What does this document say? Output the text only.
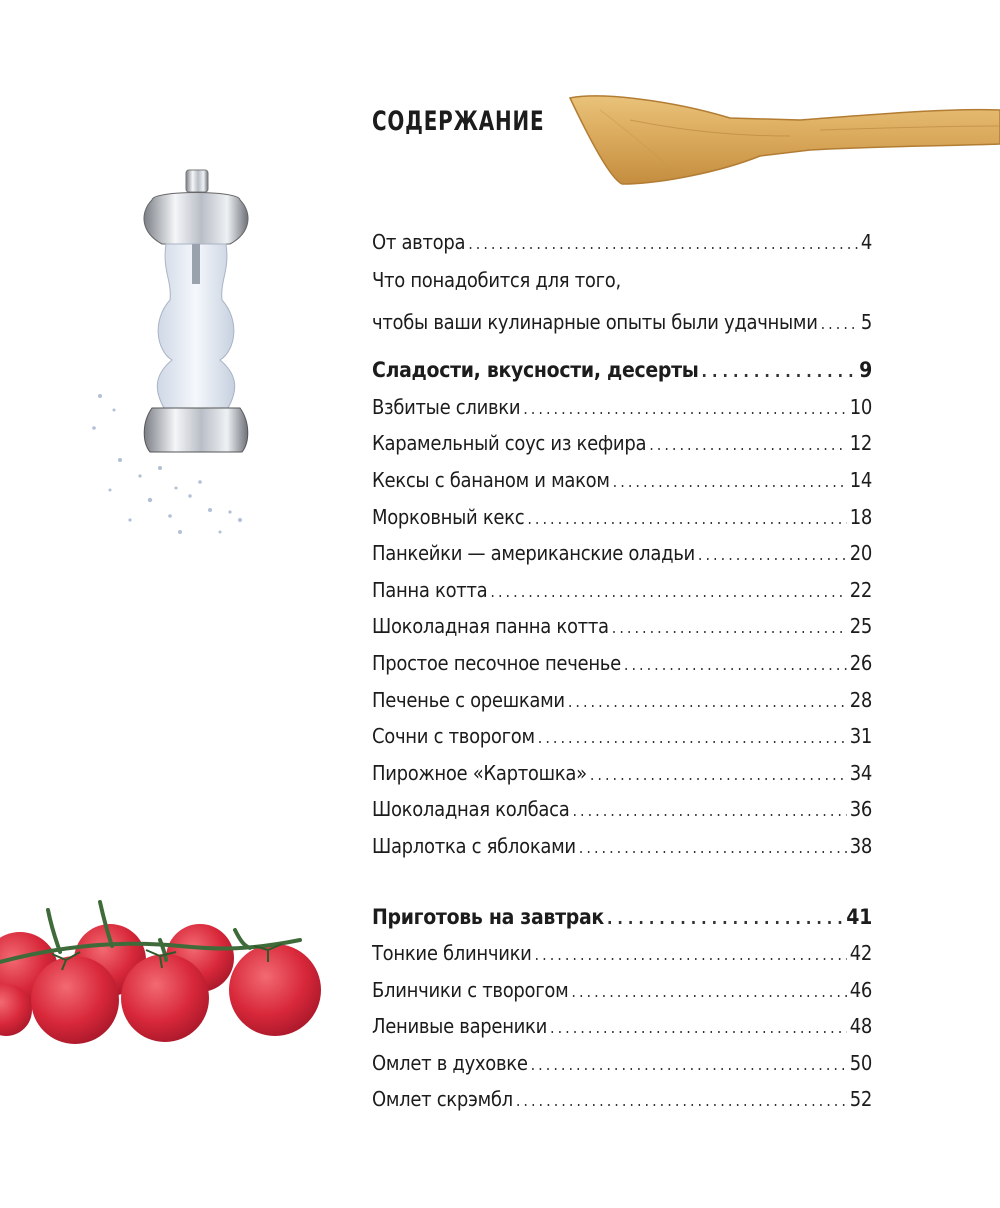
СОДЕРЖАНИЕ
От автора .....	4
Что понадобится для того,
чтобы ваши кулинарные опыты были удачными ..... 5
Сладости, вкусности, десерты .....	9
Взбитые сливки .....	10
Карамельный соус из кефира .....	12
Кексы с бананом и маком .....	14
Морковный кекс .....	18
Панкейки — американские оладьи .....	20
Панна котта .....	22
Шоколадная панна котта .....	25
Простое песочное печенье .....	26
Печенье с орешками .....	28
Сочни с творогом .....	31
Пирожное «Картошка» .....	34
Шоколадная колбаса .....	36
Шарлотка с яблоками .....	38
Приготовь на завтрак .....	41
Тонкие блинчики .....	42
Блинчики с творогом .....	46
Ленивые вареники .....	48
Омлет в духовке .....	50
Омлет скрэмбл .....	52
